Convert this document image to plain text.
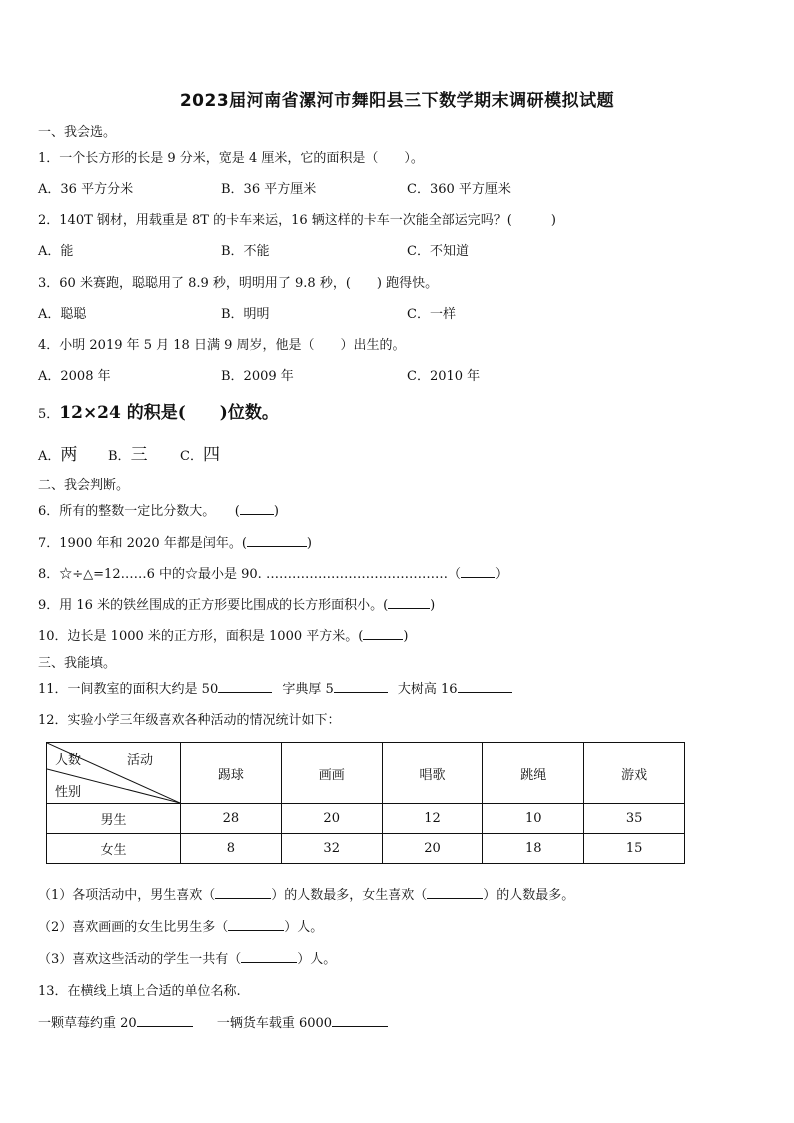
2023届河南省漯河市舞阳县三下数学期末调研模拟试题
一、我会选。
1．一个长方形的长是 9 分米，宽是 4 厘米，它的面积是（　　）。
A．36 平方分米	B．36 平方厘米	C．360 平方厘米
2．140T 钢材，用载重是 8T 的卡车来运，16 辆这样的卡车一次能全部运完吗？(　　　)
A．能	B．不能	C．不知道
3．60 米赛跑，聪聪用了 8.9 秒，明明用了 9.8 秒，(　　) 跑得快。
A．聪聪	B．明明	C．一样
4．小明 2019 年 5 月 18 日满 9 周岁，他是（　　）出生的。
A．2008 年	B．2009 年	C．2010 年
5．12×24 的积是(　　)位数。
A．两 B．三 C．四
二、我会判断。
6．所有的整数一定比分数大。　　(	)
7．1900 年和 2020 年都是闰年。(	)
8．☆÷△=12……6 中的☆最小是 90. ……………………………………（	）
9．用 16 米的铁丝围成的正方形要比围成的长方形面积小。(	)
10．边长是 1000 米的正方形，面积是 1000 平方米。(	)
三、我能填。
11．一间教室的面积大约是 50	字典厚 5	大树高 16
12．实验小学三年级喜欢各种活动的情况统计如下：
人数 活动
性别	踢球	画画	唱歌	跳绳	游戏
男生	28	20	12	10	35
女生	8	32	20	18	15
（1）各项活动中，男生喜欢（	）的人数最多，女生喜欢（	）的人数最多。
（2）喜欢画画的女生比男生多（	）人。
（3）喜欢这些活动的学生一共有（	）人。
13．在横线上填上合适的单位名称.
一颗草莓约重 20	一辆货车载重 6000
